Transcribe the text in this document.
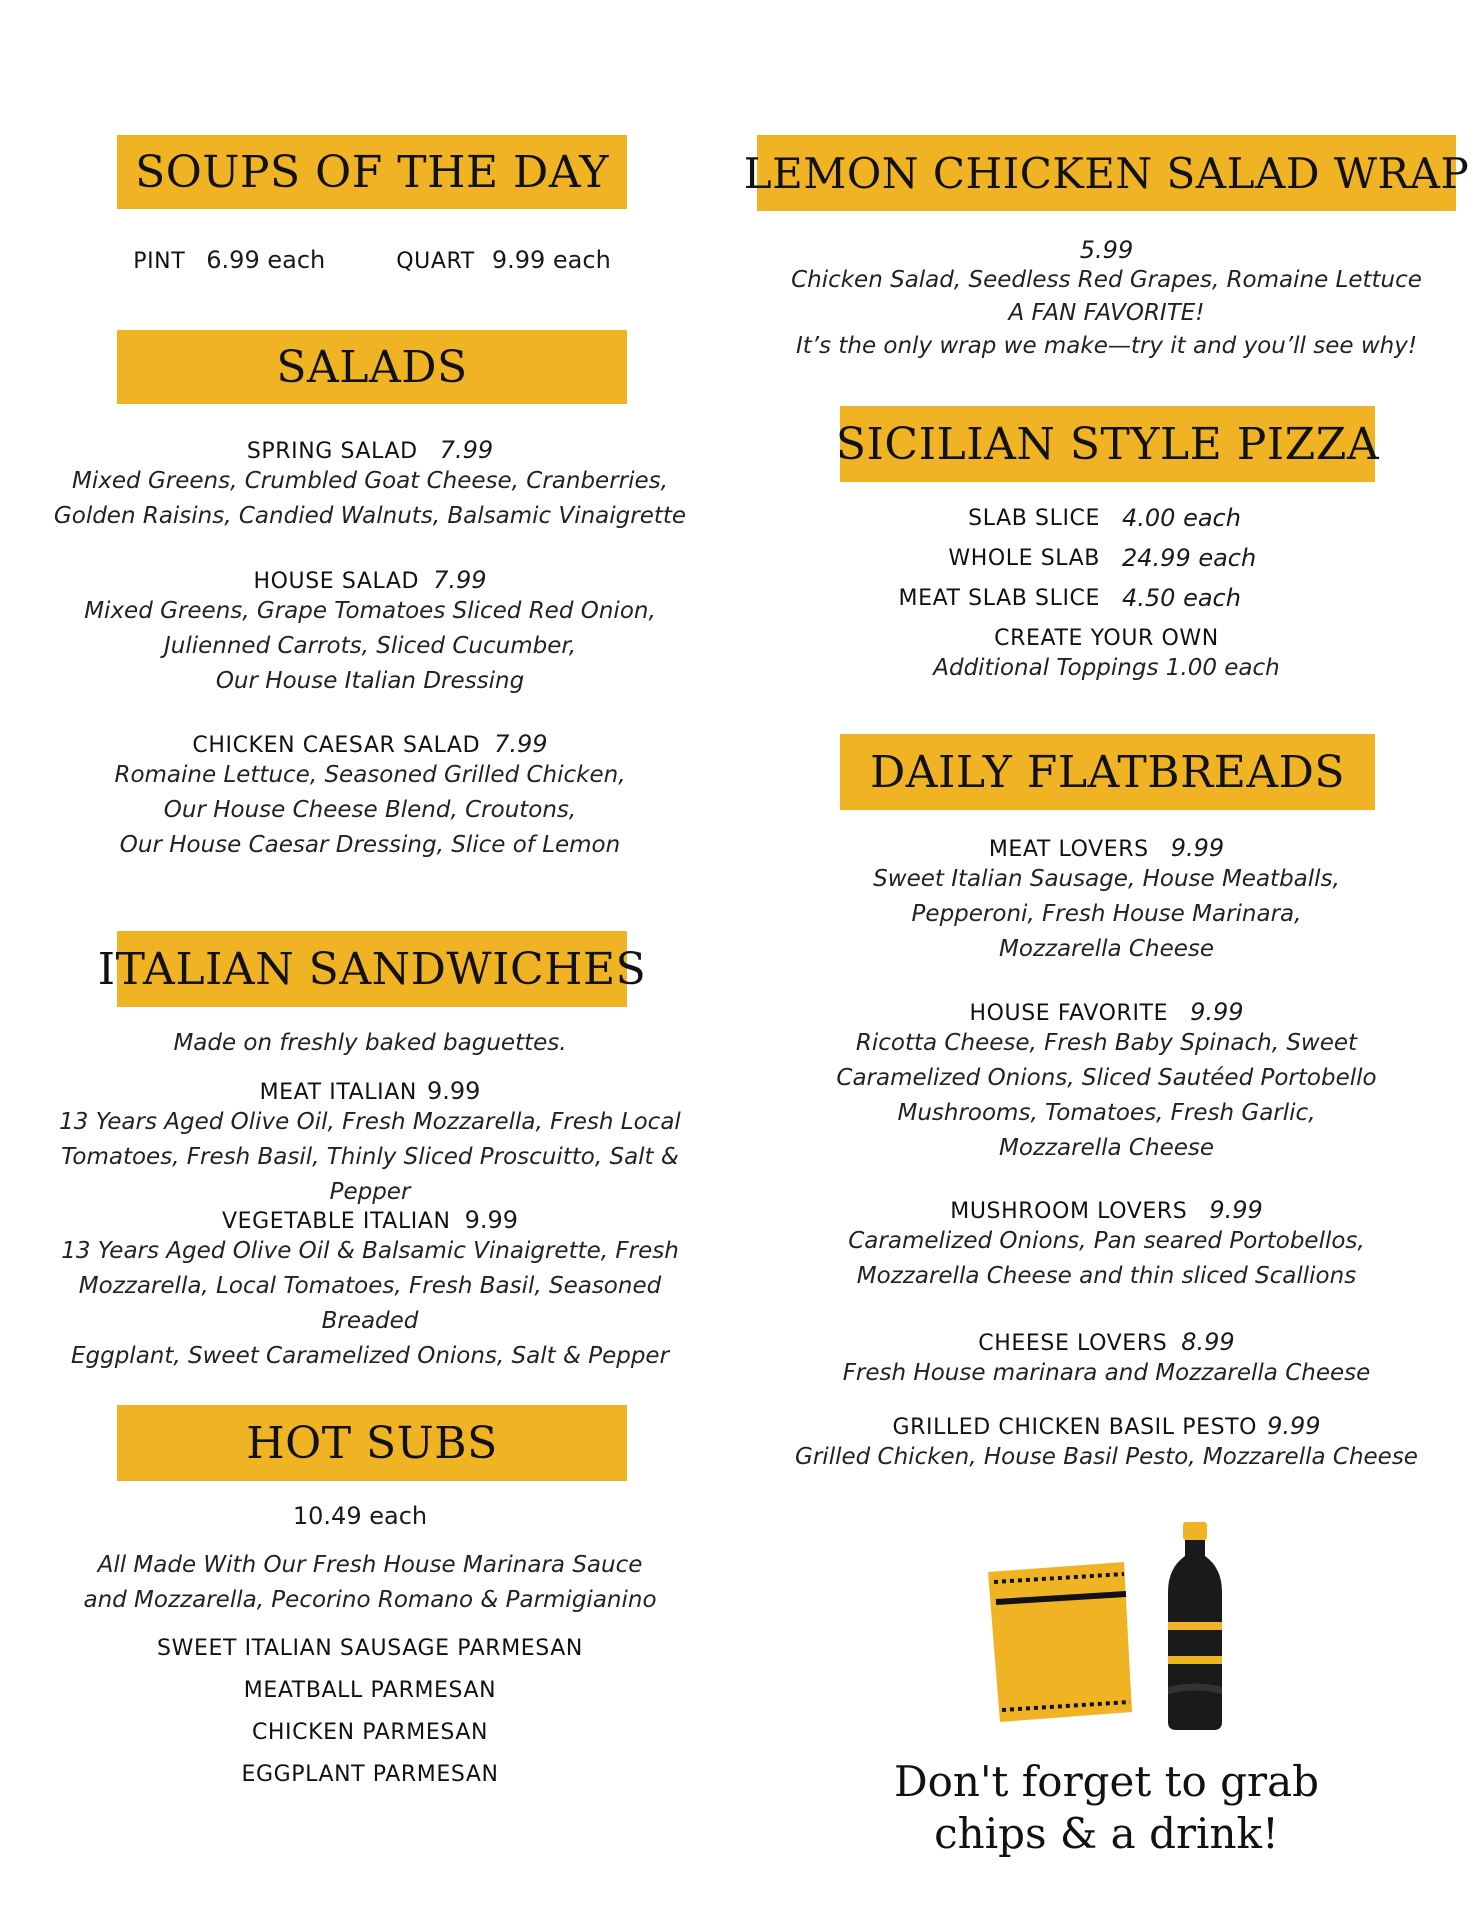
SOUPS OF THE DAY
PINT 6.99 each	QUART 9.99 each
SALADS
SPRING SALAD 7.99
Mixed Greens, Crumbled Goat Cheese, Cranberries,
Golden Raisins, Candied Walnuts, Balsamic Vinaigrette
HOUSE SALAD 7.99
Mixed Greens, Grape Tomatoes Sliced Red Onion,
Julienned Carrots, Sliced Cucumber,
Our House Italian Dressing
CHICKEN CAESAR SALAD 7.99
Romaine Lettuce, Seasoned Grilled Chicken,
Our House Cheese Blend, Croutons,
Our House Caesar Dressing, Slice of Lemon
ITALIAN SANDWICHES
Made on freshly baked baguettes.
MEAT ITALIAN 9.99
13 Years Aged Olive Oil, Fresh Mozzarella, Fresh Local
Tomatoes, Fresh Basil, Thinly Sliced Proscuitto, Salt & Pepper
VEGETABLE ITALIAN 9.99
13 Years Aged Olive Oil & Balsamic Vinaigrette, Fresh
Mozzarella, Local Tomatoes, Fresh Basil, Seasoned Breaded
Eggplant, Sweet Caramelized Onions, Salt & Pepper
HOT SUBS
10.49 each
All Made With Our Fresh House Marinara Sauce
and Mozzarella, Pecorino Romano & Parmigianino
SWEET ITALIAN SAUSAGE PARMESAN
MEATBALL PARMESAN
CHICKEN PARMESAN
EGGPLANT PARMESAN
LEMON CHICKEN SALAD WRAP
5.99
Chicken Salad, Seedless Red Grapes, Romaine Lettuce
A FAN FAVORITE!
It’s the only wrap we make—try it and you’ll see why!
SICILIAN STYLE PIZZA
SLAB SLICE 4.00 each
WHOLE SLAB 24.99 each
MEAT SLAB SLICE 4.50 each
CREATE YOUR OWN
Additional Toppings 1.00 each
DAILY FLATBREADS
MEAT LOVERS 9.99
Sweet Italian Sausage, House Meatballs,
Pepperoni, Fresh House Marinara,
Mozzarella Cheese
HOUSE FAVORITE 9.99
Ricotta Cheese, Fresh Baby Spinach, Sweet
Caramelized Onions, Sliced Sautéed Portobello
Mushrooms, Tomatoes, Fresh Garlic,
Mozzarella Cheese
MUSHROOM LOVERS 9.99
Caramelized Onions, Pan seared Portobellos,
Mozzarella Cheese and thin sliced Scallions
CHEESE LOVERS 8.99
Fresh House marinara and Mozzarella Cheese
GRILLED CHICKEN BASIL PESTO 9.99
Grilled Chicken, House Basil Pesto, Mozzarella Cheese
Don't forget to grab
chips & a drink!
